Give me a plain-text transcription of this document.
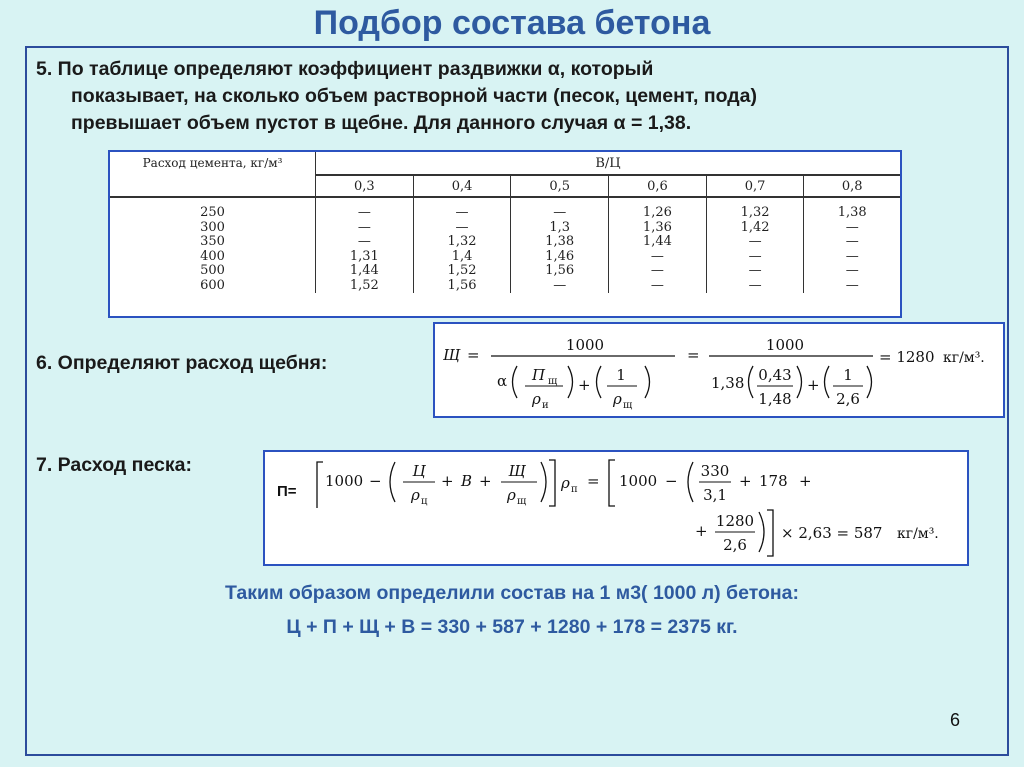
Подбор состава бетона
5. По таблице определяют коэффициент раздвижки α, который
показывает, на сколько объем растворной части (песок, цемент, пода)
превышает объем пустот в щебне. Для данного случая α = 1,38.
Расход цемента, кг/м³	В/Ц					
	0,3	0,4	0,5	0,6	0,7	0,8
250	—	—	—	1,26	1,32	1,38
300	—	—	1,3	1,36	1,42	—
350	—	1,32	1,38	1,44	—	—
400	1,31	1,4	1,46	—	—	—
500	1,44	1,52	1,56	—	—	—
600	1,52	1,56	—	—	—	—
6. Определяют расход щебня:	Щ =
1000
α П щ
ρ и
+
1
ρ щ
=
1000
1,38 0,43
1,48
+
1
2,6
= 1280 кг/м³.
7. Расход песка:
П=
1000 −
Ц
ρ ц
+ В +
Щ
ρ щ
ρ п = 1000 −
330
3,1
+ 178 +
+
1280
2,6
× 2,63 = 587 кг/м³.
Таким образом определили состав на 1 м3( 1000 л) бетона:
Ц + П + Щ + В = 330 + 587 + 1280 + 178 = 2375 кг.
6
